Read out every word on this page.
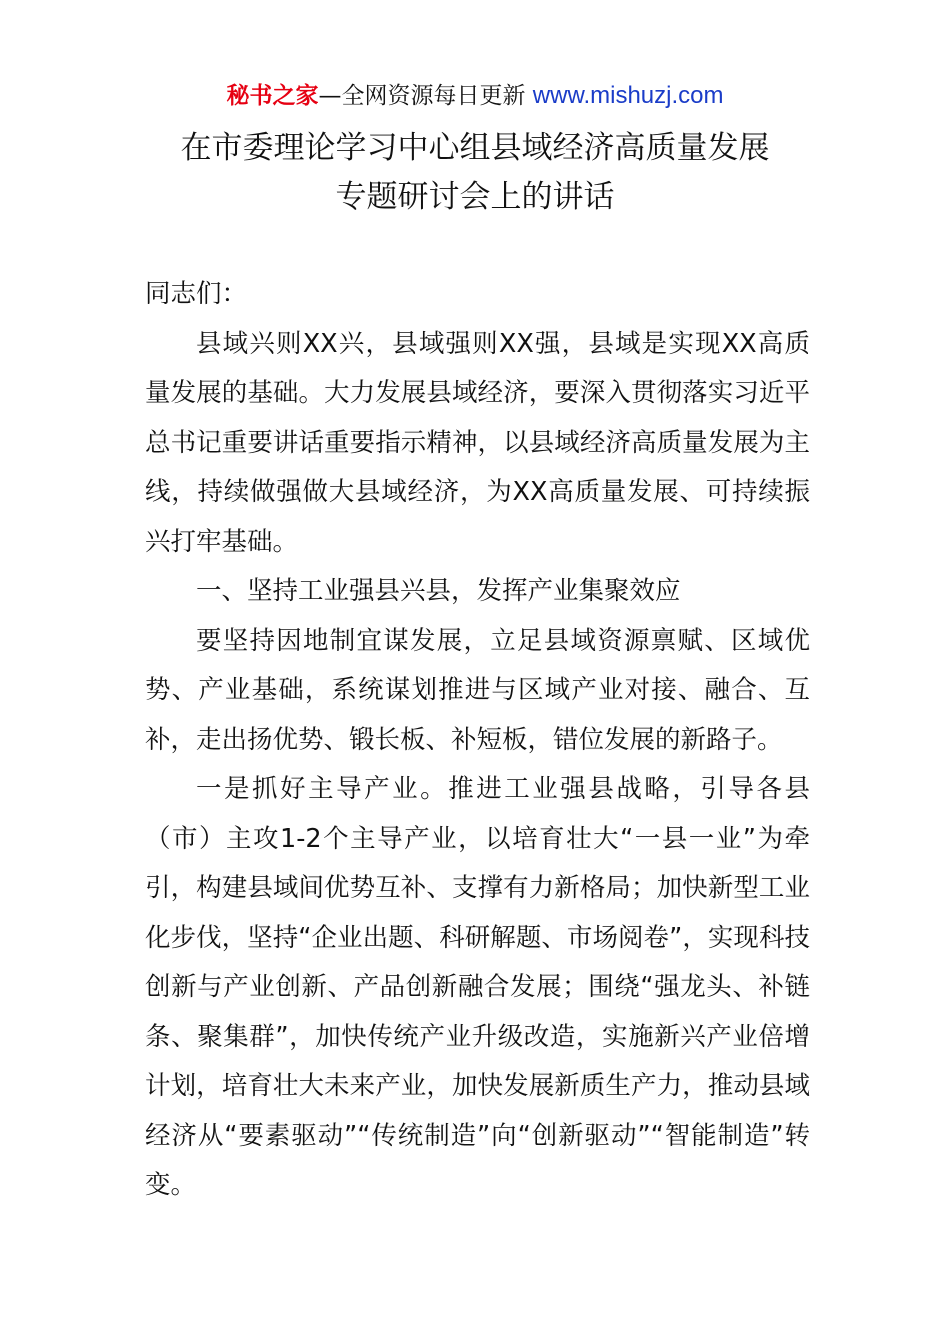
秘书之家—全网资源每日更新 www.mishuzj.com
在市委理论学习中心组县域经济高质量发展
专题研讨会上的讲话

同志们：

县域兴则XX兴，县域强则XX强，县域是实现XX高质量发展的基础。大力发展县域经济，要深入贯彻落实习近平总书记重要讲话重要指示精神，以县域经济高质量发展为主线，持续做强做大县域经济，为XX高质量发展、可持续振兴打牢基础。

一、坚持工业强县兴县，发挥产业集聚效应

要坚持因地制宜谋发展，立足县域资源禀赋、区域优势、产业基础，系统谋划推进与区域产业对接、融合、互补，走出扬优势、锻长板、补短板，错位发展的新路子。

一是抓好主导产业。推进工业强县战略，引导各县（市）主攻1-2个主导产业，以培育壮大“一县一业”为牵引，构建县域间优势互补、支撑有力新格局；加快新型工业化步伐，坚持“企业出题、科研解题、市场阅卷”，实现科技创新与产业创新、产品创新融合发展；围绕“强龙头、补链条、聚集群”，加快传统产业升级改造，实施新兴产业倍增计划，培育壮大未来产业，加快发展新质生产力，推动县域经济从“要素驱动”“传统制造”向“创新驱动”“智能制造”转变。
